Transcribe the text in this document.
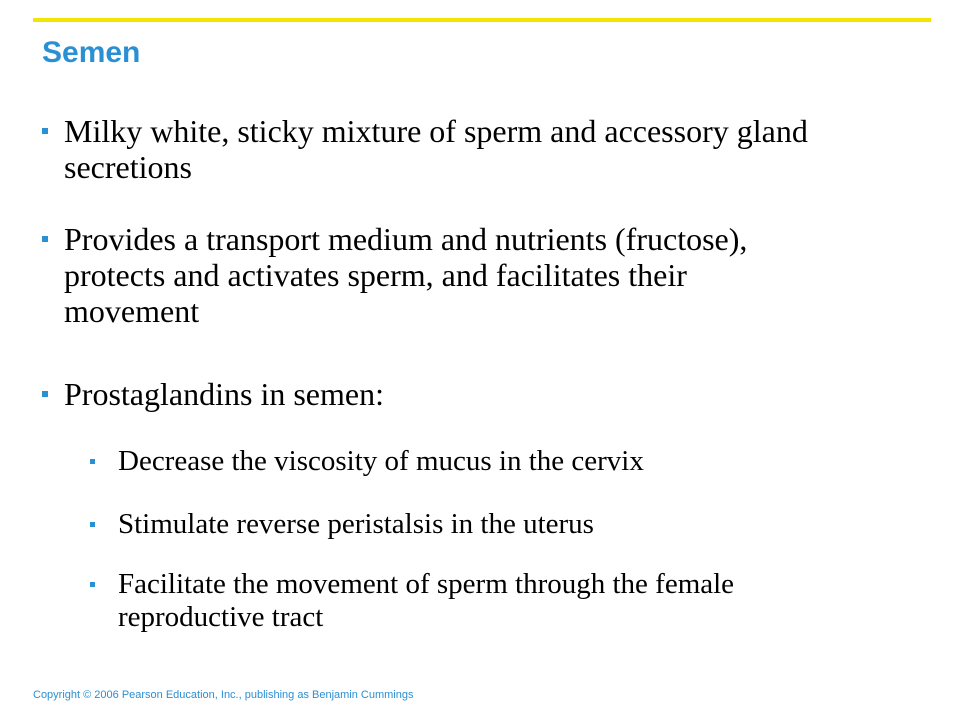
Semen
Milky white, sticky mixture of sperm and accessory gland secretions
Provides a transport medium and nutrients (fructose), protects and activates sperm, and facilitates their movement
Prostaglandins in semen:
Decrease the viscosity of mucus in the cervix
Stimulate reverse peristalsis in the uterus
Facilitate the movement of sperm through the female reproductive tract
Copyright © 2006 Pearson Education, Inc., publishing as Benjamin Cummings
